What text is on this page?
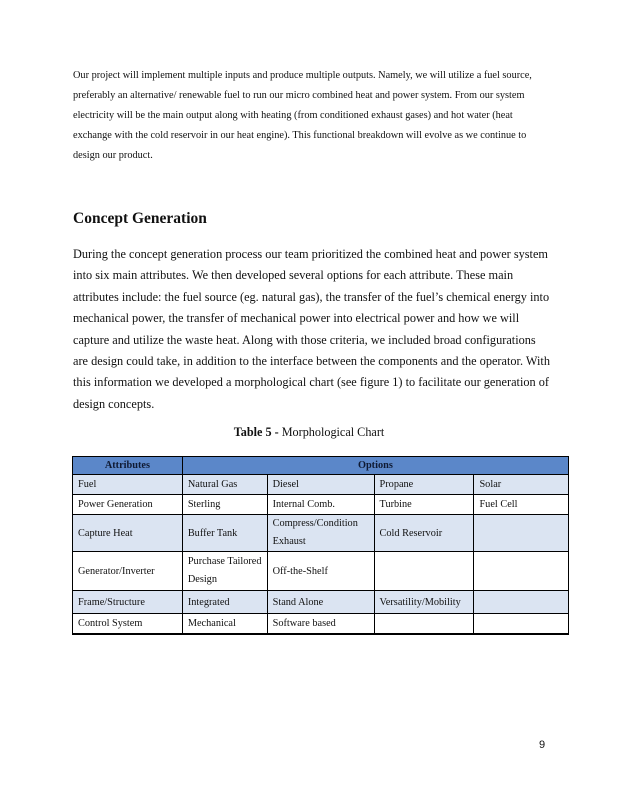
Our project will implement multiple inputs and produce multiple outputs. Namely, we will utilize a fuel source, preferably an alternative/ renewable fuel to run our micro combined heat and power system. From our system electricity will be the main output along with heating (from conditioned exhaust gases) and hot water (heat exchange with the cold reservoir in our heat engine). This functional breakdown will evolve as we continue to design our product.
Concept Generation
During the concept generation process our team prioritized the combined heat and power system into six main attributes. We then developed several options for each attribute. These main attributes include: the fuel source (eg. natural gas), the transfer of the fuel’s chemical energy into mechanical power, the transfer of mechanical power into electrical power and how we will capture and utilize the waste heat. Along with those criteria, we included broad configurations are design could take, in addition to the interface between the components and the operator. With this information we developed a morphological chart (see figure 1) to facilitate our generation of design concepts.
Table 5 - Morphological Chart
Attributes	Options			
Fuel	Natural Gas	Diesel	Propane	Solar
Power Generation	Sterling	Internal Comb.	Turbine	Fuel Cell
Capture Heat	Buffer Tank	Compress/Condition Exhaust	Cold Reservoir	
Generator/Inverter	Purchase Tailored Design	Off-the-Shelf		
Frame/Structure	Integrated	Stand Alone	Versatility/Mobility	
Control System	Mechanical	Software based		
9
